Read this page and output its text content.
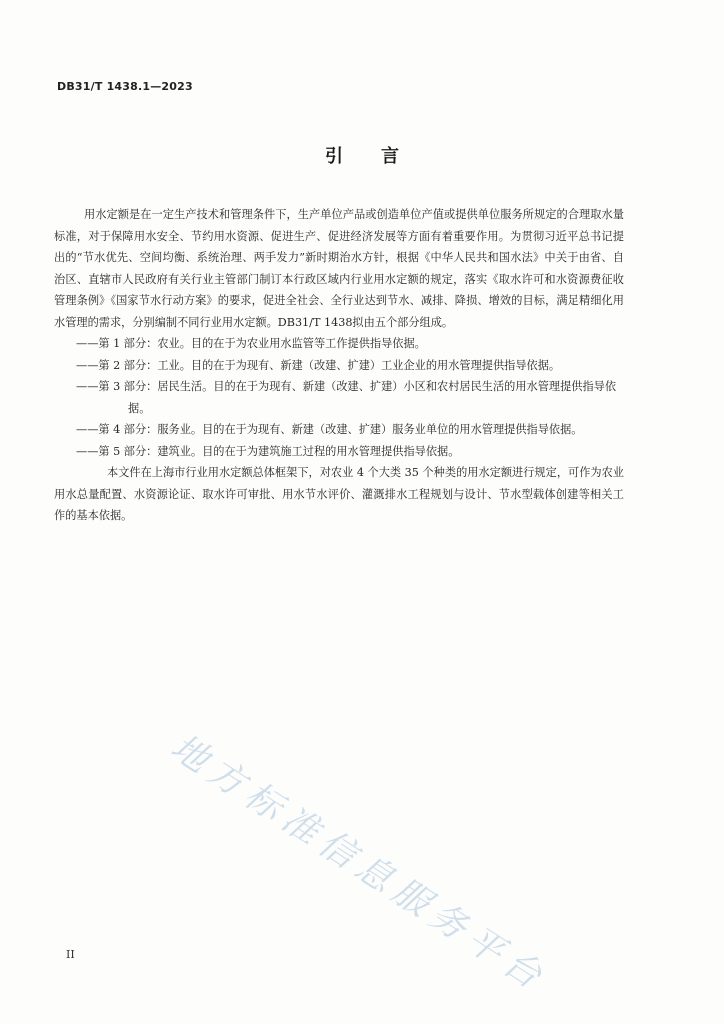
DB31/T 1438.1—2023
引言

用水定额是在一定生产技术和管理条件下，生产单位产品或创造单位产值或提供单位服务所规定的合理取水量标准，对于保障用水安全、节约用水资源、促进生产、促进经济发展等方面有着重要作用。为贯彻习近平总书记提出的“节水优先、空间均衡、系统治理、两手发力”新时期治水方针，根据《中华人民共和国水法》中关于由省、自治区、直辖市人民政府有关行业主管部门制订本行政区域内行业用水定额的规定，落实《取水许可和水资源费征收管理条例》《国家节水行动方案》的要求，促进全社会、全行业达到节水、减排、降损、增效的目标，满足精细化用水管理的需求，分别编制不同行业用水定额。DB31/T 1438拟由五个部分组成。

——第 1 部分：农业。目的在于为农业用水监管等工作提供指导依据。

——第 2 部分：工业。目的在于为现有、新建（改建、扩建）工业企业的用水管理提供指导依据。

——第 3 部分：居民生活。目的在于为现有、新建（改建、扩建）小区和农村居民生活的用水管理提供指导依据。

——第 4 部分：服务业。目的在于为现有、新建（改建、扩建）服务业单位的用水管理提供指导依据。

——第 5 部分：建筑业。目的在于为建筑施工过程的用水管理提供指导依据。

本文件在上海市行业用水定额总体框架下，对农业 4 个大类 35 个种类的用水定额进行规定，可作为农业用水总量配置、水资源论证、取水许可审批、用水节水评价、灌溉排水工程规划与设计、节水型载体创建等相关工作的基本依据。

地方标准信息服务平台
II
